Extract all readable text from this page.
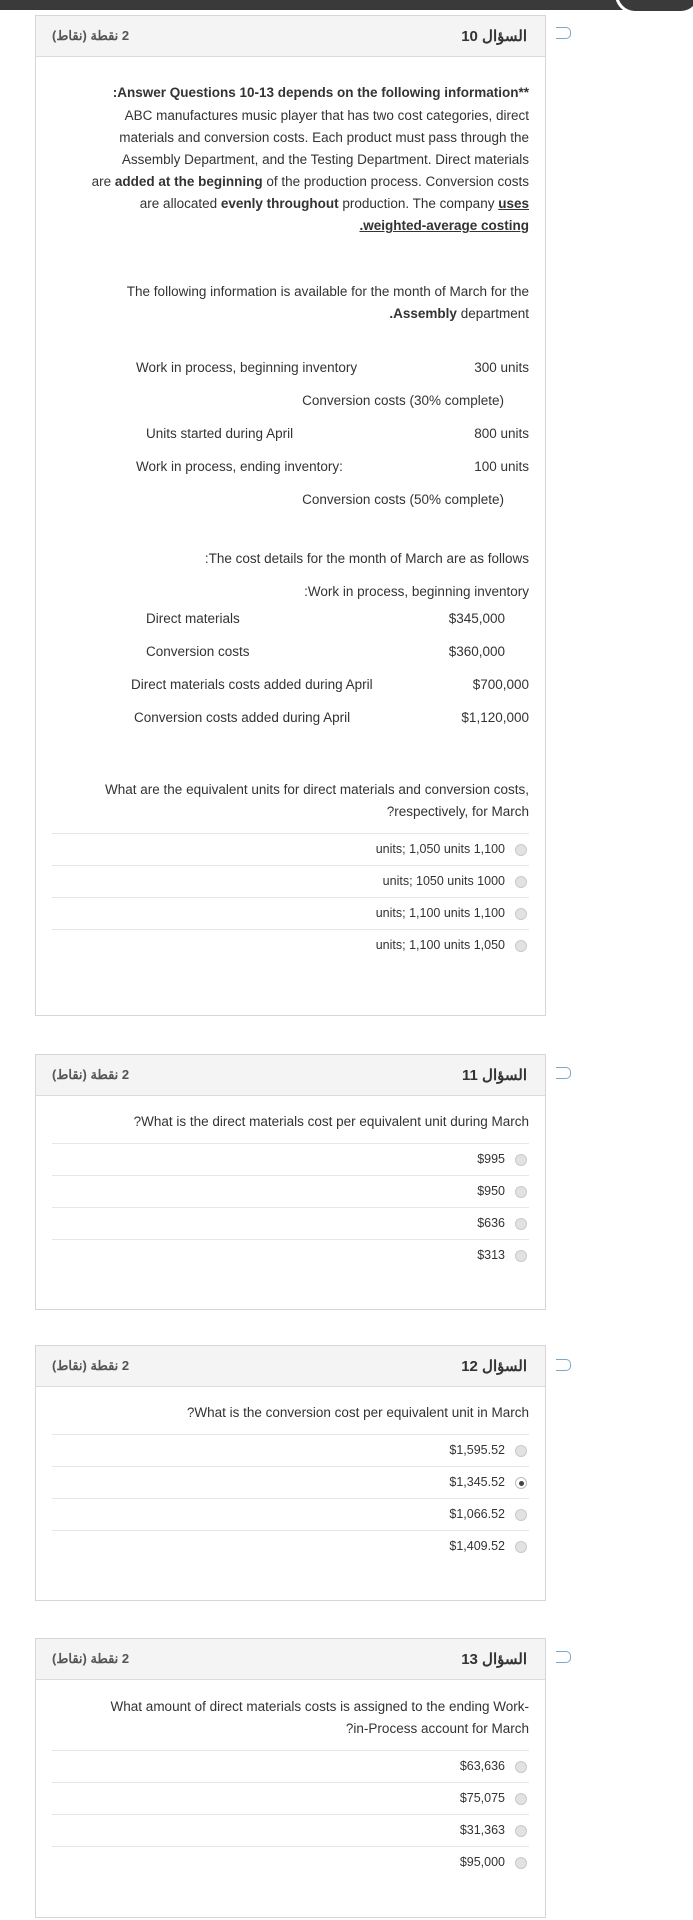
السؤال 10
2 نقطة (نقاط)

:Answer Questions 10-13 depends on the following information**

ABC manufactures music player that has two cost categories, direct

materials and conversion costs. Each product must pass through the

Assembly Department, and the Testing Department. Direct materials

are added at the beginning of the production process. Conversion costs

are allocated evenly throughout production. The company uses

.weighted-average costing

The following information is available for the month of March for the

.Assembly department

Work in process, beginning inventory	300 units
Conversion costs (30% complete)
Units started during April	800 units
Work in process, ending inventory:	100 units
Conversion costs (50% complete)

:The cost details for the month of March are as follows

:Work in process, beginning inventory

Direct materials	$345,000
Conversion costs	$360,000
Direct materials costs added during April	$700,000
Conversion costs added during April	$1,120,000

What are the equivalent units for direct materials and conversion costs,

?respectively, for March

units; 1,050 units 1,100
units; 1050 units 1000
units; 1,100 units 1,100
units; 1,100 units 1,050
السؤال 11
2 نقطة (نقاط)

?What is the direct materials cost per equivalent unit during March

$995
$950
$636
$313
السؤال 12
2 نقطة (نقاط)

?What is the conversion cost per equivalent unit in March

$1,595.52
$1,345.52
$1,066.52
$1,409.52
السؤال 13
2 نقطة (نقاط)

What amount of direct materials costs is assigned to the ending Work-

?in-Process account for March

$63,636
$75,075
$31,363
$95,000
